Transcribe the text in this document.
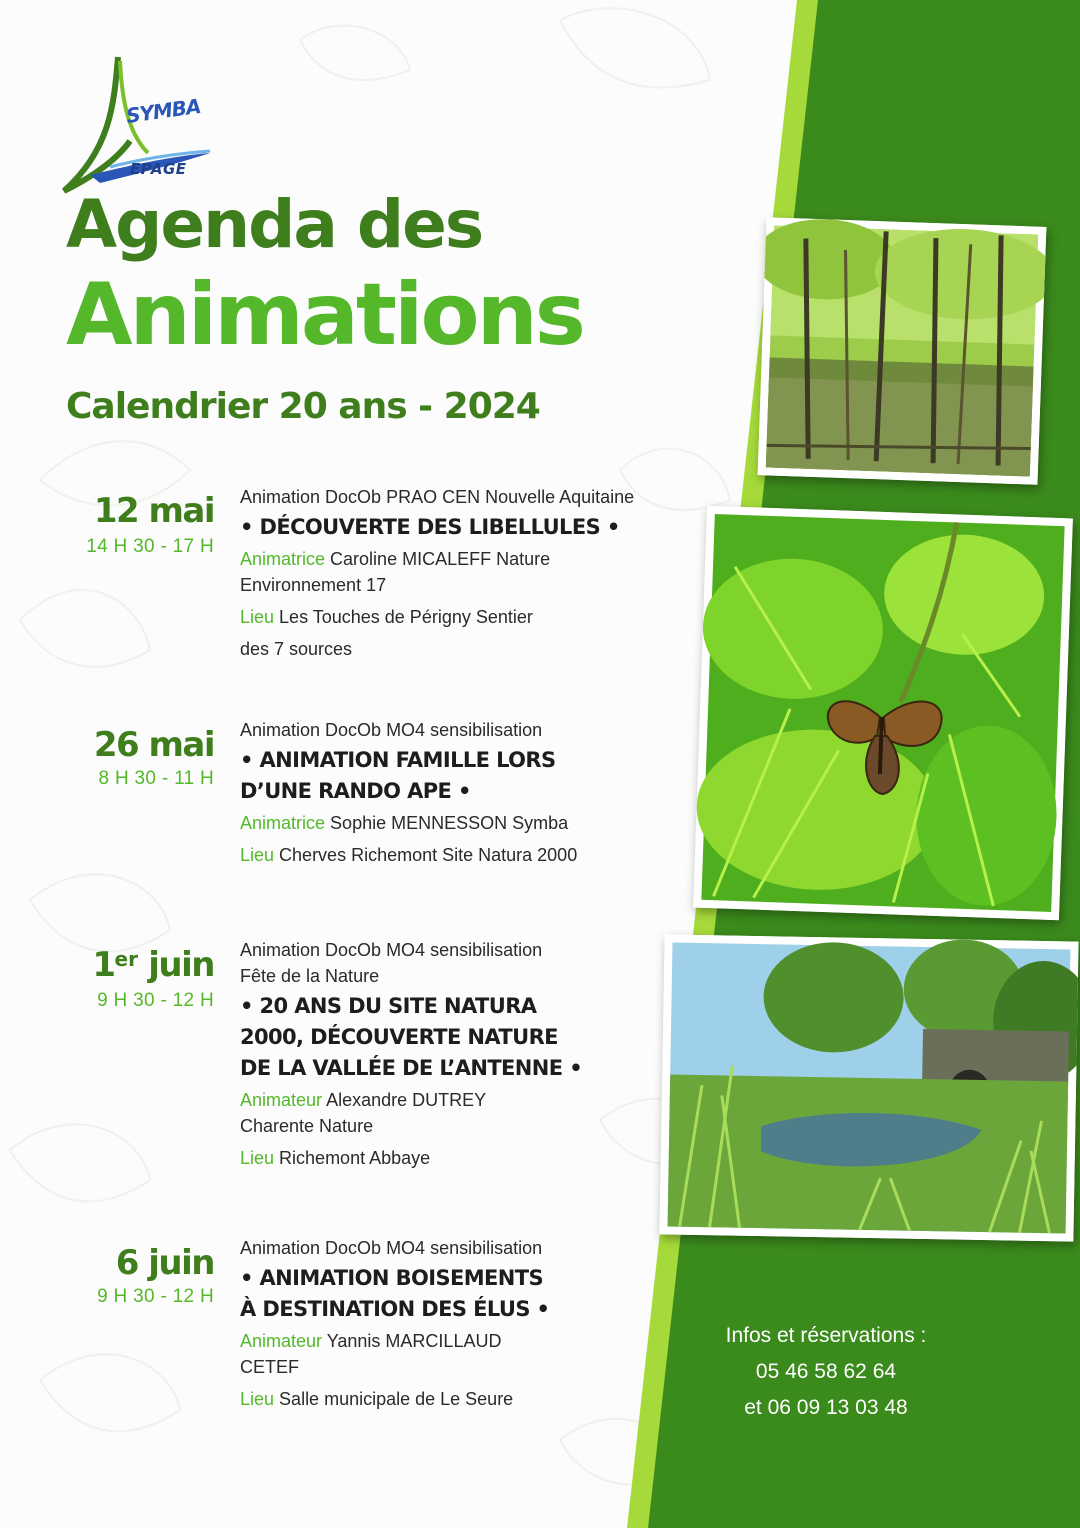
SYMBA
EPAGE
Agenda des
Animations
Calendrier 20 ans - 2024
12 mai
14 H 30 - 17 H
Animation DocOb PRAO CEN Nouvelle Aquitaine
• DÉCOUVERTE DES LIBELLULES •
Animatrice Caroline MICALEFF Nature
Environnement 17
Lieu Les Touches de Périgny Sentier
des 7 sources
26 mai
8 H 30 - 11 H
Animation DocOb MO4 sensibilisation
• ANIMATION FAMILLE LORS
D’UNE RANDO APE •
Animatrice Sophie MENNESSON Symba
Lieu Cherves Richemont Site Natura 2000
1er juin
9 H 30 - 12 H
Animation DocOb MO4 sensibilisation
Fête de la Nature
• 20 ANS DU SITE NATURA
2000, DÉCOUVERTE NATURE
DE LA VALLÉE DE L’ANTENNE •
Animateur Alexandre DUTREY
Charente Nature
Lieu Richemont Abbaye
6 juin
9 H 30 - 12 H
Animation DocOb MO4 sensibilisation
• ANIMATION BOISEMENTS
À DESTINATION DES ÉLUS •
Animateur Yannis MARCILLAUD
CETEF
Lieu Salle municipale de Le Seure
Infos et réservations :
05 46 58 62 64
et 06 09 13 03 48
